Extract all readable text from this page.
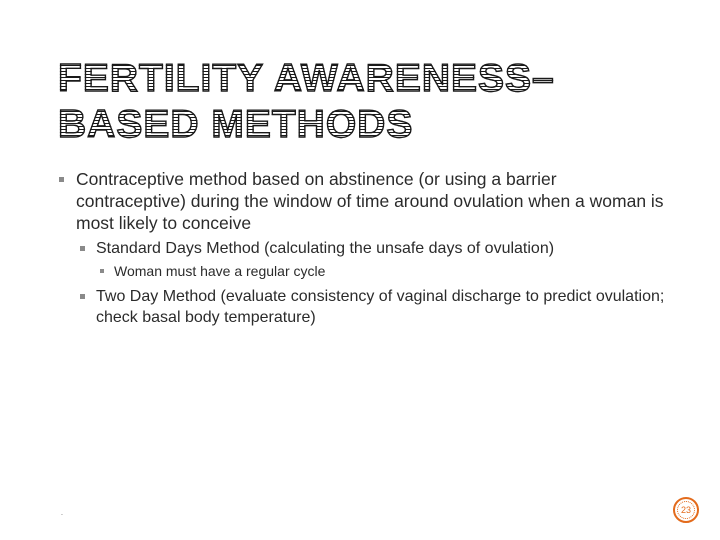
FERTILITY AWARENESS–
BASED METHODS
Contraceptive method based on abstinence (or using a barrier contraceptive) during the window of time around ovulation when a woman is most likely to conceive
Standard Days Method (calculating the unsafe days of ovulation)
Woman must have a regular cycle
Two Day Method (evaluate consistency of vaginal discharge to predict ovulation; check basal body temperature)
.	23
